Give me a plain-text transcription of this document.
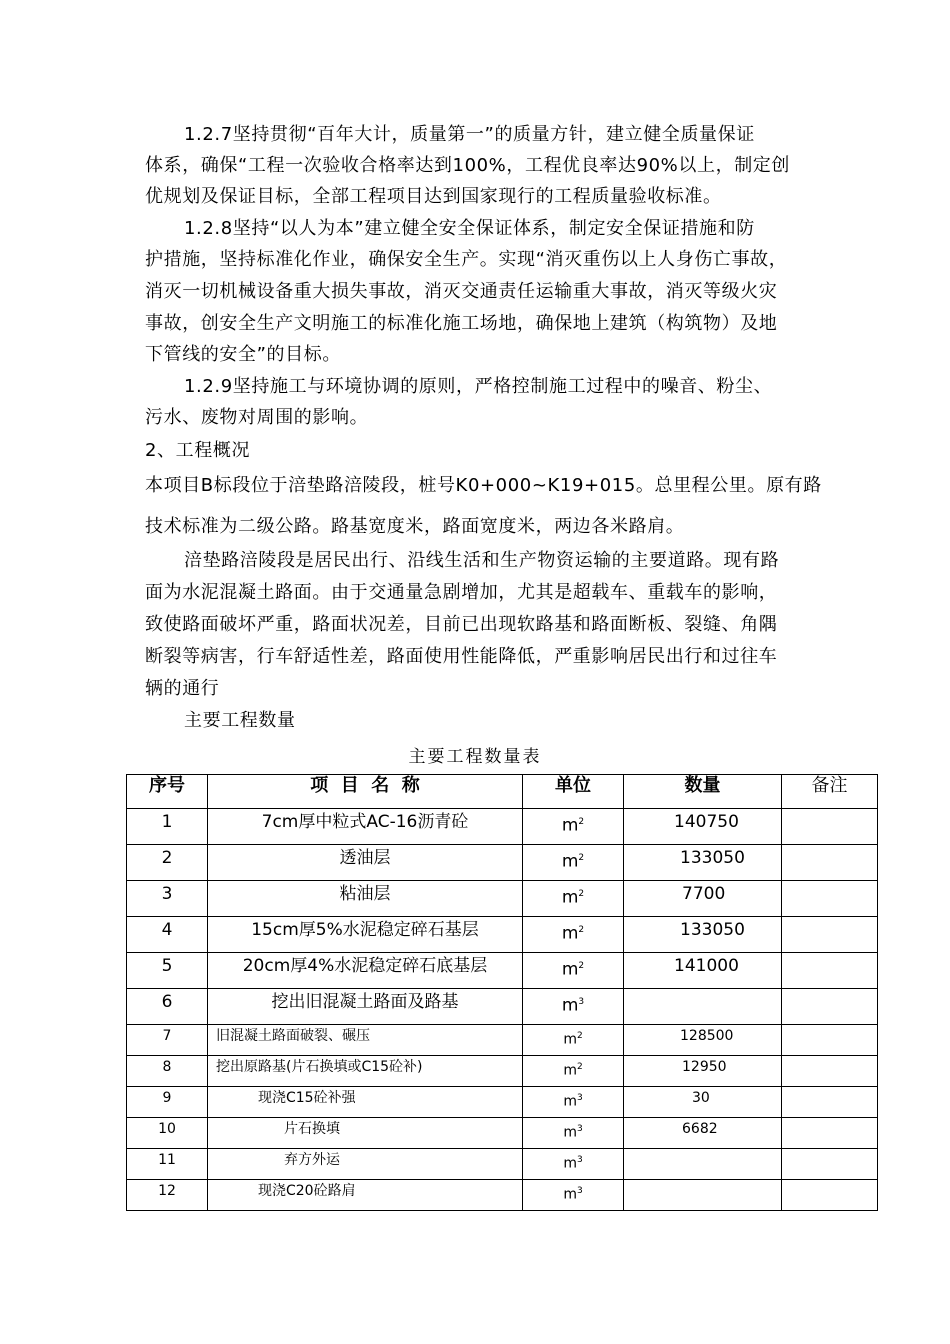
1.2.7坚持贯彻“百年大计，质量第一”的质量方针，建立健全质量保证
体系，确保“工程一次验收合格率达到100%，工程优良率达90%以上，制定创
优规划及保证目标，全部工程项目达到国家现行的工程质量验收标准。
1.2.8坚持“以人为本”建立健全安全保证体系，制定安全保证措施和防
护措施，坚持标准化作业，确保安全生产。实现“消灭重伤以上人身伤亡事故，
消灭一切机械设备重大损失事故，消灭交通责任运输重大事故，消灭等级火灾
事故，创安全生产文明施工的标准化施工场地，确保地上建筑（构筑物）及地
下管线的安全”的目标。
1.2.9坚持施工与环境协调的原则，严格控制施工过程中的噪音、粉尘、
污水、废物对周围的影响。
2、工程概况
本项目B标段位于涪垫路涪陵段，桩号K0+000~K19+015。总里程公里。原有路
技术标准为二级公路。路基宽度米，路面宽度米，两边各米路肩。
涪垫路涪陵段是居民出行、沿线生活和生产物资运输的主要道路。现有路
面为水泥混凝土路面。由于交通量急剧增加，尤其是超载车、重载车的影响，
致使路面破坏严重，路面状况差，目前已出现软路基和路面断板、裂缝、角隅
断裂等病害，行车舒适性差，路面使用性能降低，严重影响居民出行和过往车
辆的通行
主要工程数量
主要工程数量表
序号	项  目  名  称	单位	数量	备注
1	7cm厚中粒式AC-16沥青砼	$m^2$	140750	
2	透油层	$m^2$	133050	
3	粘油层	$m^2$	7700	
4	15cm厚5%水泥稳定碎石基层	$m^2$	133050	
5	20cm厚4%水泥稳定碎石底基层	$m^2$	141000	
6	挖出旧混凝土路面及路基	$m^3$		
7	旧混凝土路面破裂、碾压	$m^2$	128500	
8	挖出原路基(片石换填或C15砼补)	$m^2$	12950	
9	现浇C15砼补强	$m^3$	30	
10	片石换填	$m^3$	6682	
11	弃方外运	$m^3$		
12	现浇C20砼路肩	$m^3$		
